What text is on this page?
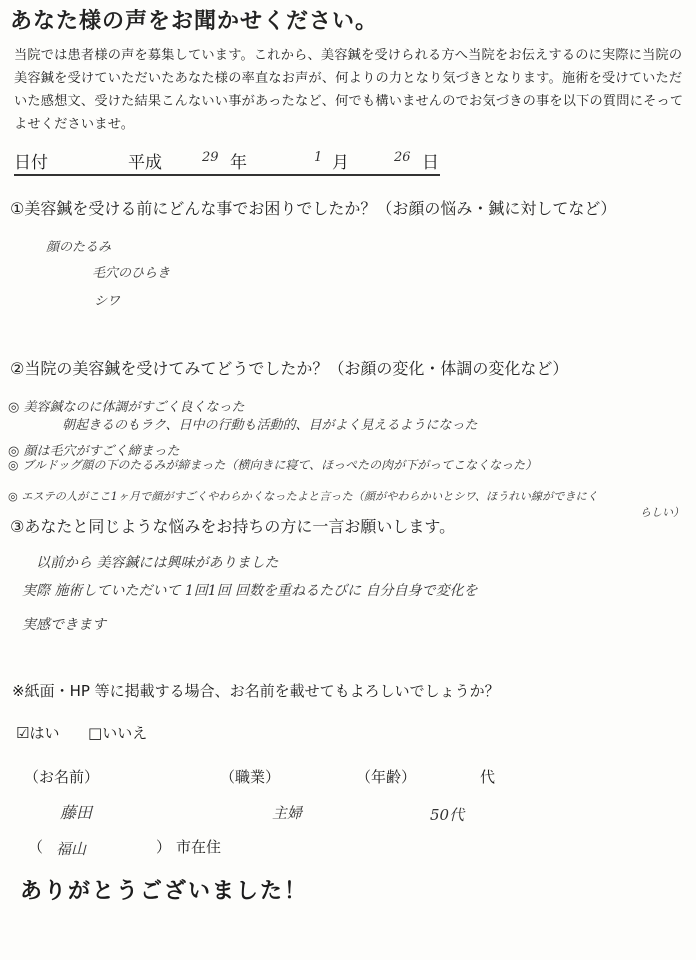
あなた様の声をお聞かせください。
当院では患者様の声を募集しています。これから、美容鍼を受けられる方へ当院をお伝えするのに実際に当院の美容鍼を受けていただいたあなた様の率直なお声が、何よりの力となり気づきとなります。施術を受けていただいた感想文、受けた結果こんないい事があったなど、何でも構いませんのでお気づきの事を以下の質問にそってよせくださいませ。
日付	平成	29 年	1 月	26 日
①美容鍼を受ける前にどんな事でお困りでしたか？（お顔の悩み・鍼に対してなど）
顔のたるみ
毛穴のひらき
シワ
②当院の美容鍼を受けてみてどうでしたか？（お顔の変化・体調の変化など）
◎ 美容鍼なのに体調がすごく良くなった
朝起きるのもラク、日中の行動も活動的、目がよく見えるようになった
◎ 顔は毛穴がすごく締まった
◎ ブルドッグ顔の下のたるみが締まった（横向きに寝て、ほっぺたの肉が下がってこなくなった）
◎ エステの人がここ1ヶ月で顔がすごくやわらかくなったよと言った（顔がやわらかいとシワ、ほうれい線ができにく
らしい）
③あなたと同じような悩みをお持ちの方に一言お願いします。
以前から 美容鍼には興味がありました
実際 施術していただいて 1回1回 回数を重ねるたびに 自分自身で変化を
実感できます
※紙面・HP 等に掲載する場合、お名前を載せてもよろしいでしょうか？
☑はい □いいえ
（お名前）	（職業）	（年齢）	代
藤田	主婦	50代
（ 福山	） 市在住
ありがとうございました！
